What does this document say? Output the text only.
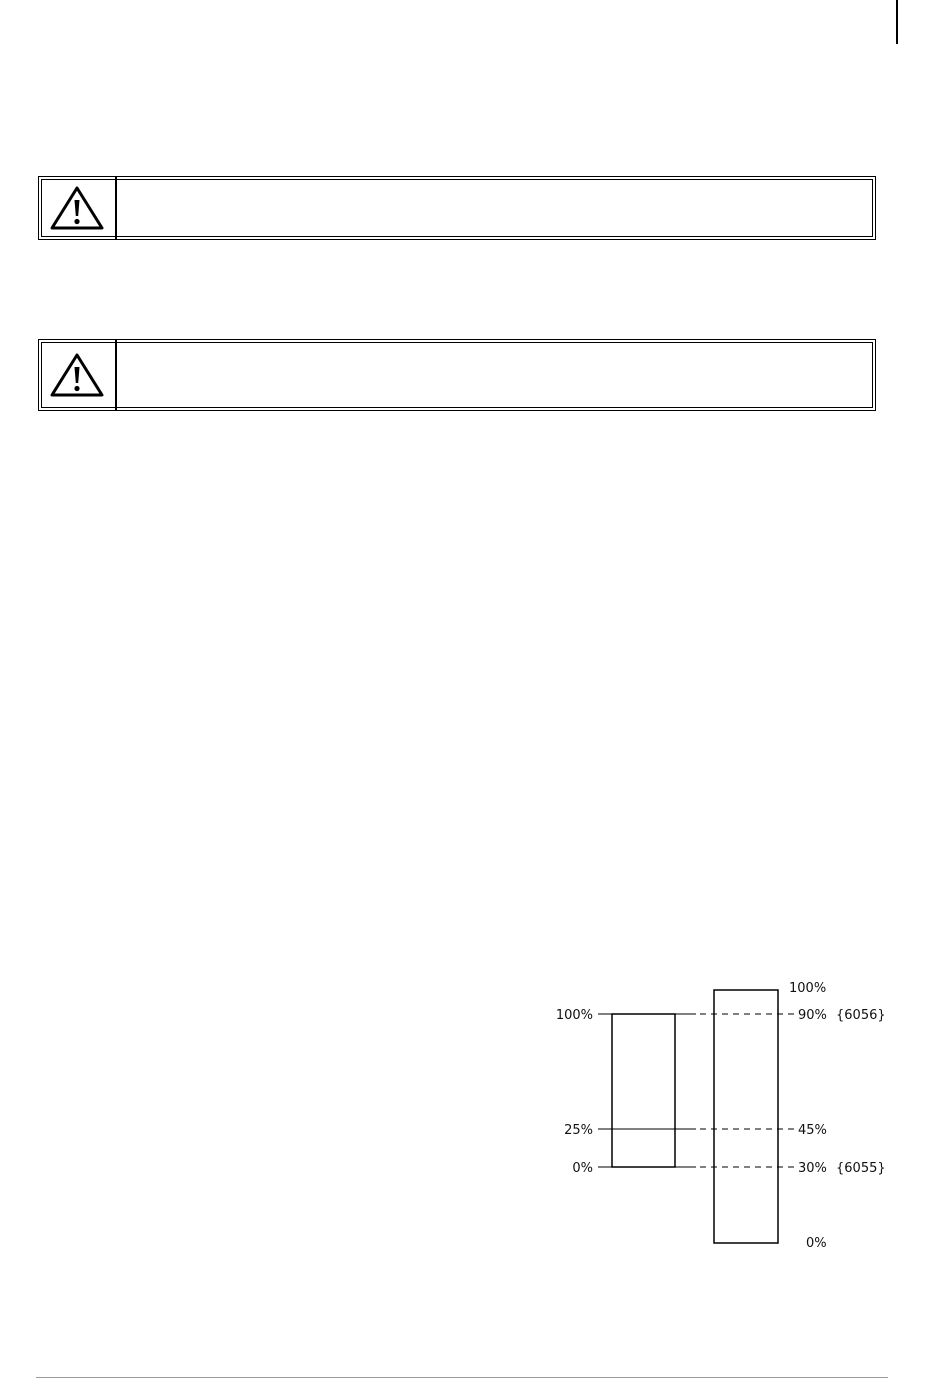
100%
25%
0%
100%
90% {6056}
45%
30% {6055}
0%
